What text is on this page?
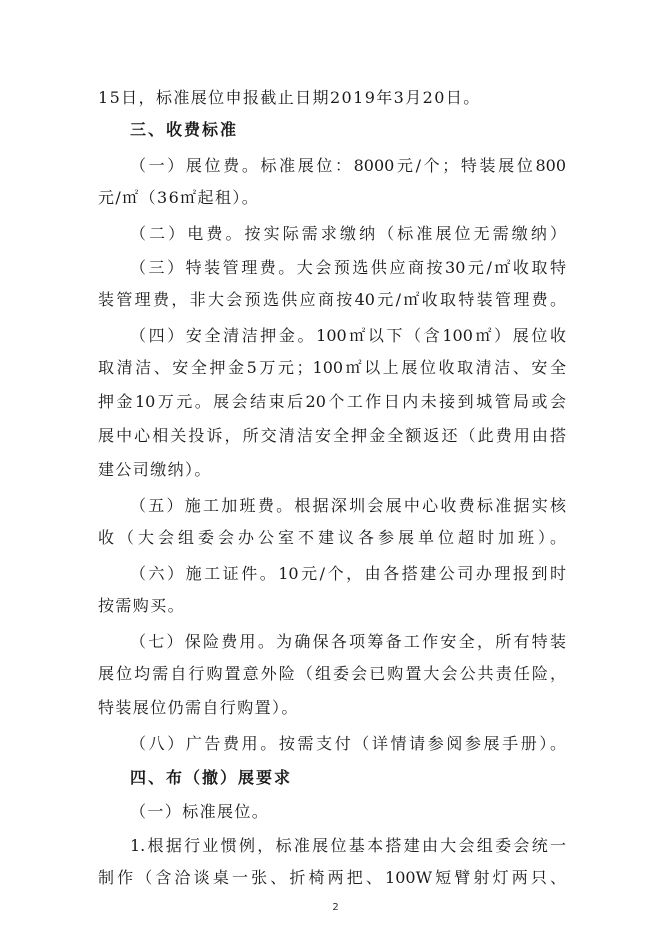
15日，标准展位申报截止日期2019年3月20日。
三、收费标准
（一）展位费。标准展位：8000元/个；特装展位800
元/㎡（36㎡起租）。
（二）电费。按实际需求缴纳（标准展位无需缴纳）
（三）特装管理费。大会预选供应商按30元/㎡收取特
装管理费，非大会预选供应商按40元/㎡收取特装管理费。
（四）安全清洁押金。100㎡以下（含100㎡）展位收
取清洁、安全押金5万元；100㎡以上展位收取清洁、安全
押金10万元。展会结束后20个工作日内未接到城管局或会
展中心相关投诉，所交清洁安全押金全额返还（此费用由搭
建公司缴纳）。
（五）施工加班费。根据深圳会展中心收费标准据实核
收（大会组委会办公室不建议各参展单位超时加班）。
（六）施工证件。10元/个，由各搭建公司办理报到时
按需购买。
（七）保险费用。为确保各项筹备工作安全，所有特装
展位均需自行购置意外险（组委会已购置大会公共责任险，
特装展位仍需自行购置）。
（八）广告费用。按需支付（详情请参阅参展手册）。
四、布（撤）展要求
（一）标准展位。
1.根据行业惯例，标准展位基本搭建由大会组委会统一
制作（含洽谈桌一张、折椅两把、100W短臂射灯两只、
2
